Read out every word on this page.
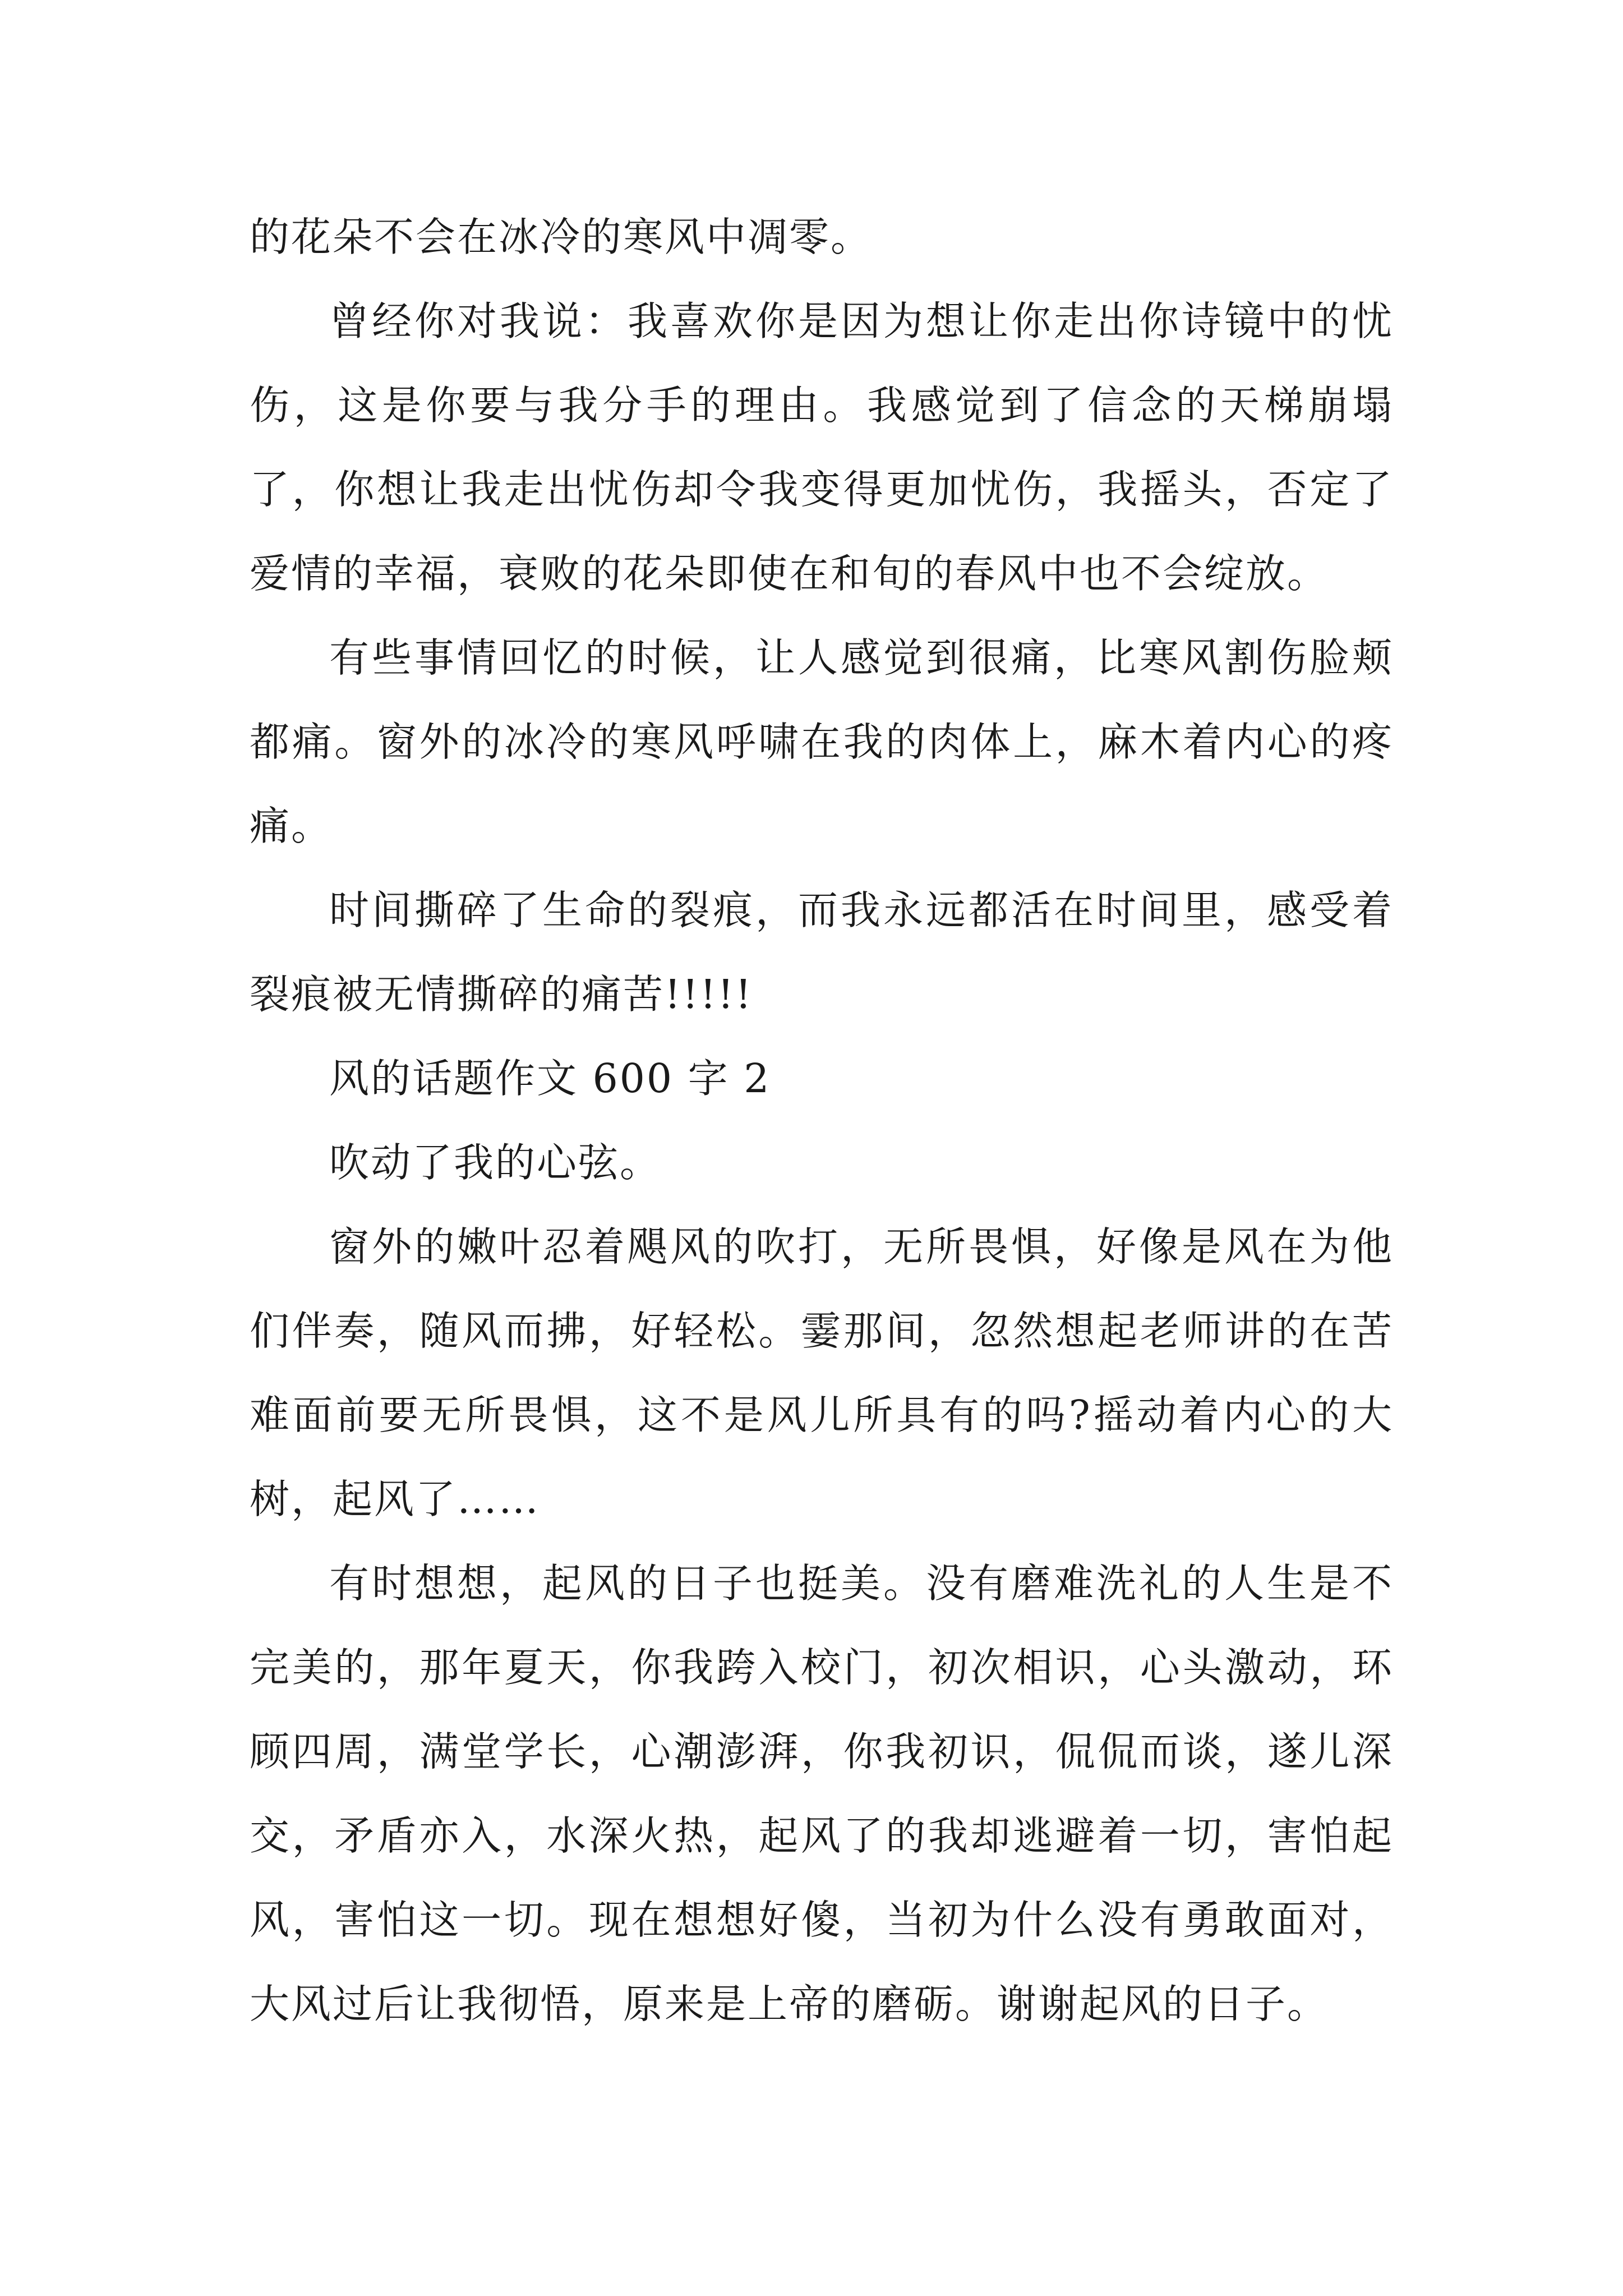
的花朵不会在冰冷的寒风中凋零。

曾经你对我说：我喜欢你是因为想让你走出你诗镜中的忧伤，这是你要与我分手的理由。我感觉到了信念的天梯崩塌了，你想让我走出忧伤却令我变得更加忧伤，我摇头，否定了爱情的幸福，衰败的花朵即使在和旬的春风中也不会绽放。

有些事情回忆的时候，让人感觉到很痛，比寒风割伤脸颊都痛。窗外的冰冷的寒风呼啸在我的肉体上，麻木着内心的疼痛。

时间撕碎了生命的裂痕，而我永远都活在时间里，感受着裂痕被无情撕碎的痛苦!!!!!

风的话题作文 600 字 2

吹动了我的心弦。

窗外的嫩叶忍着飓风的吹打，无所畏惧，好像是风在为他们伴奏，随风而拂，好轻松。霎那间，忽然想起老师讲的在苦难面前要无所畏惧，这不是风儿所具有的吗?摇动着内心的大树，起风了……

有时想想，起风的日子也挺美。没有磨难洗礼的人生是不完美的，那年夏天，你我跨入校门，初次相识，心头激动，环顾四周，满堂学长，心潮澎湃，你我初识，侃侃而谈，遂儿深交，矛盾亦入，水深火热，起风了的我却逃避着一切，害怕起风，害怕这一切。现在想想好傻，当初为什么没有勇敢面对，大风过后让我彻悟，原来是上帝的磨砺。谢谢起风的日子。
